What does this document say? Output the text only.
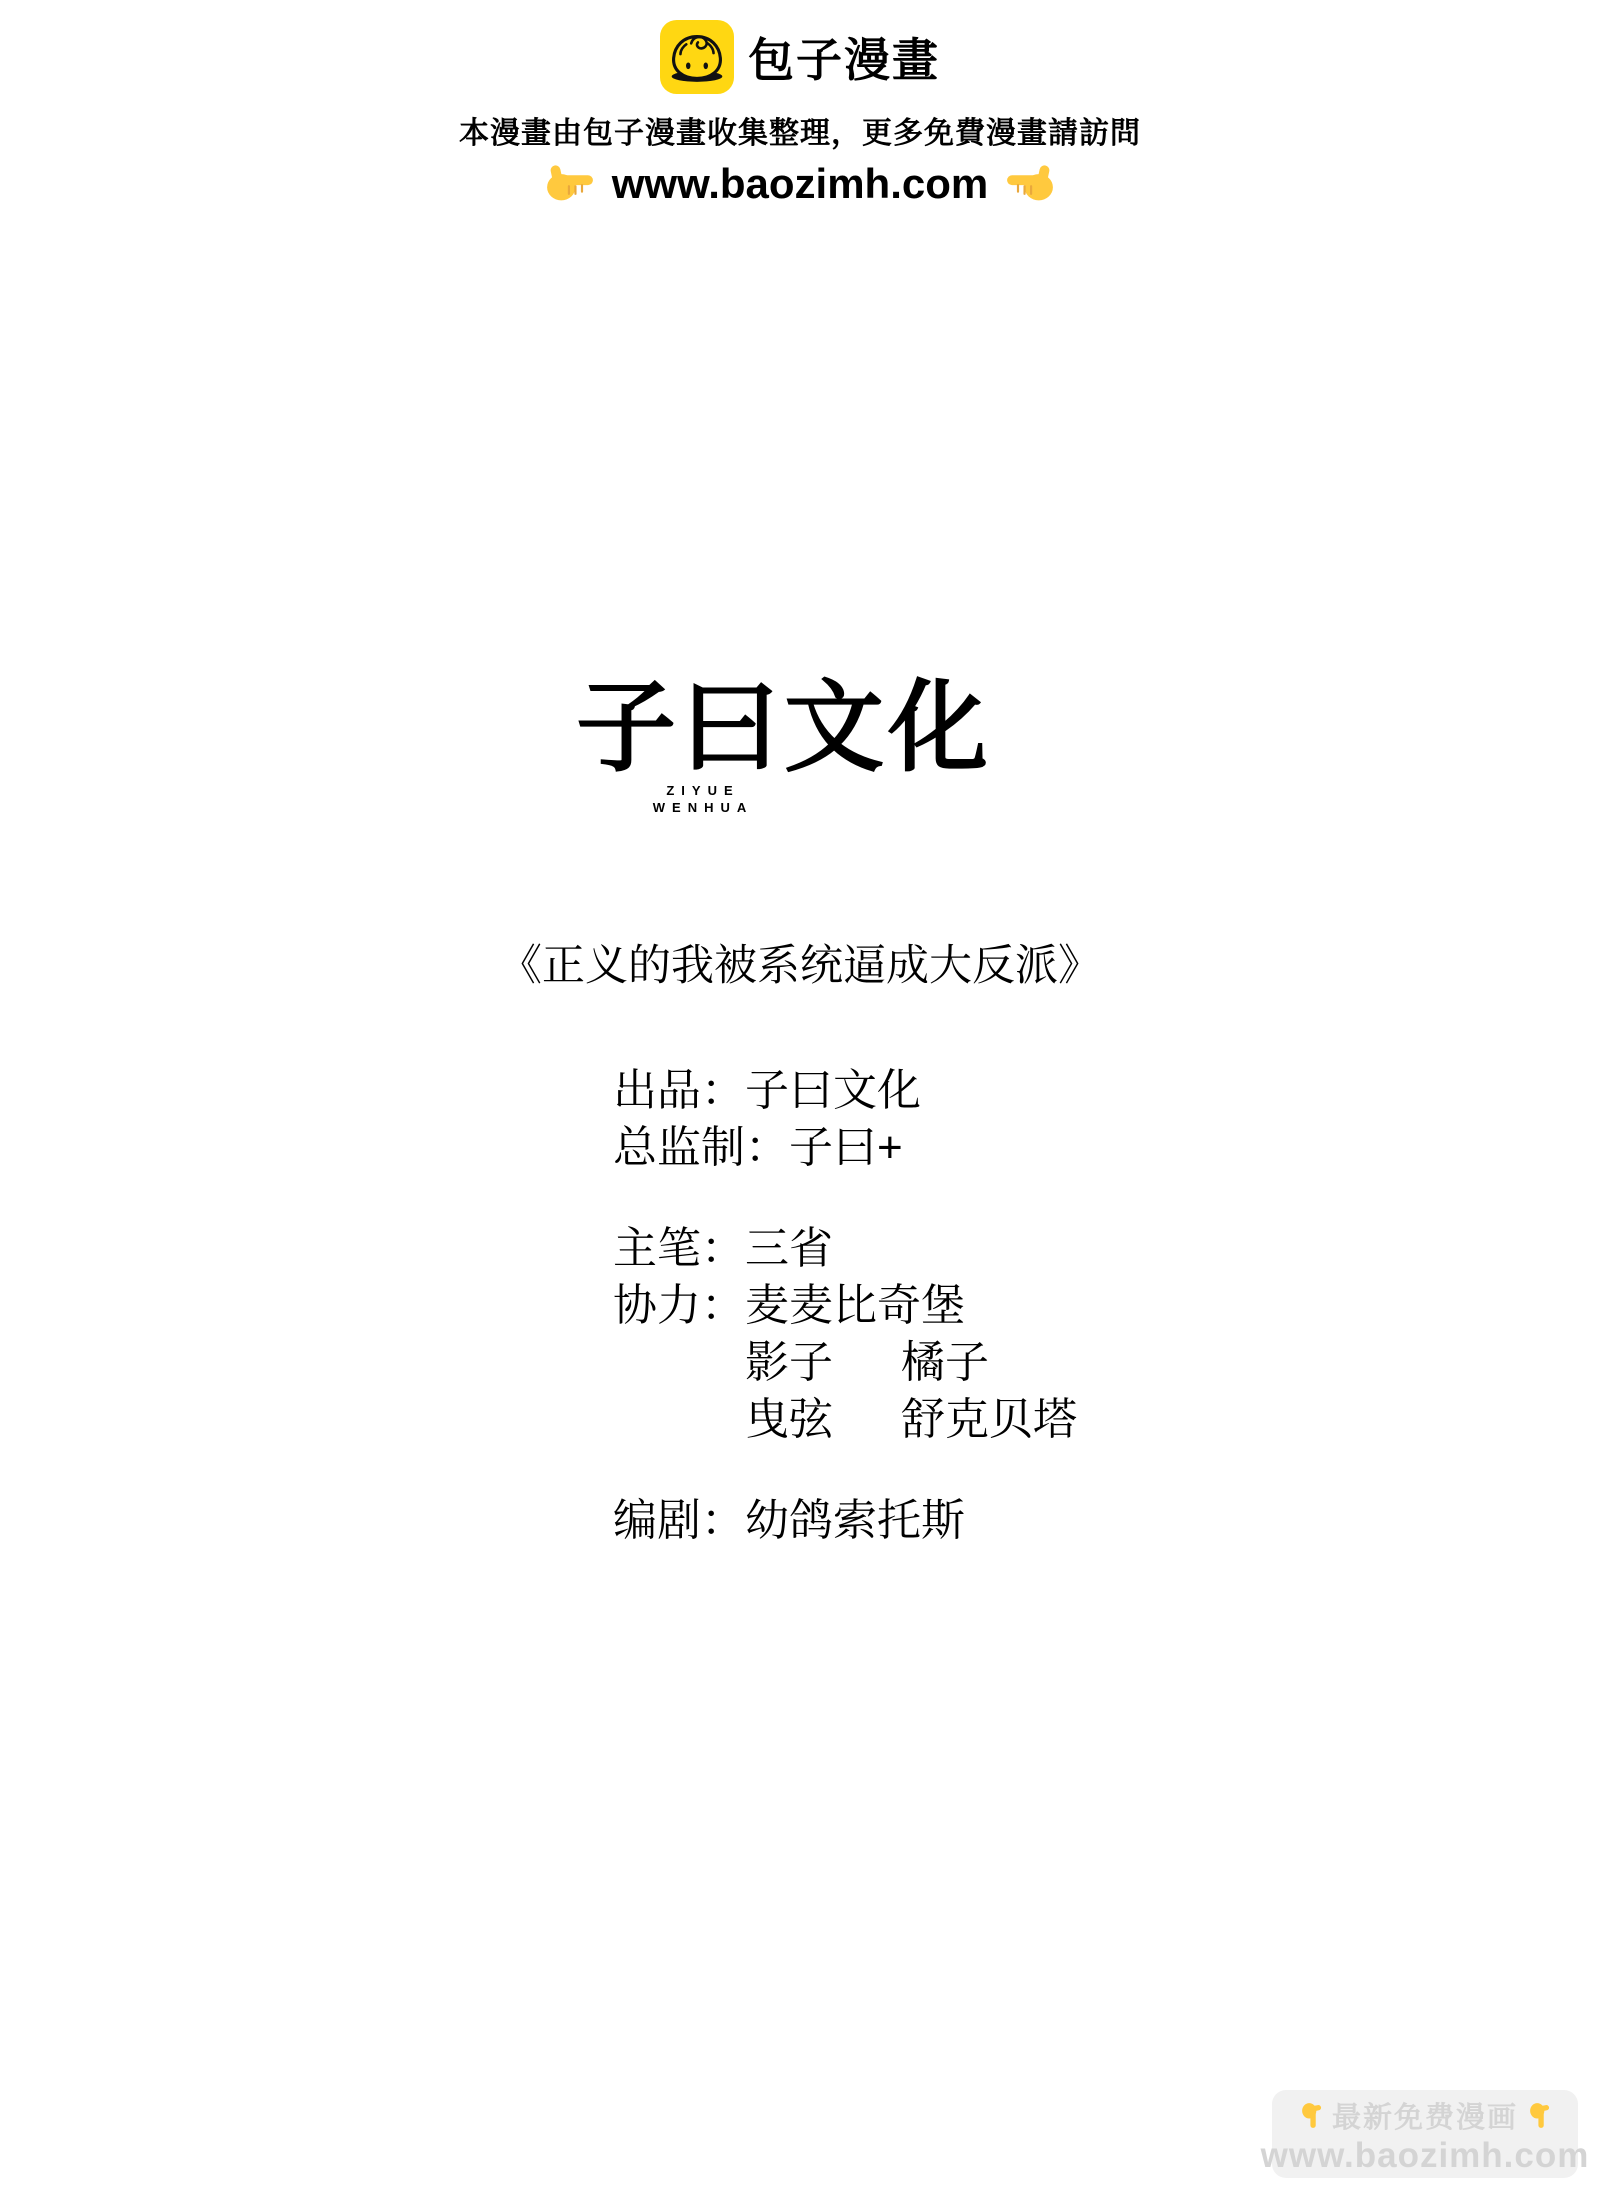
包子漫畫
本漫畫由包子漫畫收集整理，更多免費漫畫請訪問
www.baozimh.com
子曰文化
ZIYUE
WENHUA
《正义的我被系统逼成大反派》
出品：子曰文化
总监制：子曰+
主笔：三省
协力：麦麦比奇堡
影子 橘子
曳弦 舒克贝塔
编剧：幼鸽索托斯
最新免费漫画
www.baozimh.com
